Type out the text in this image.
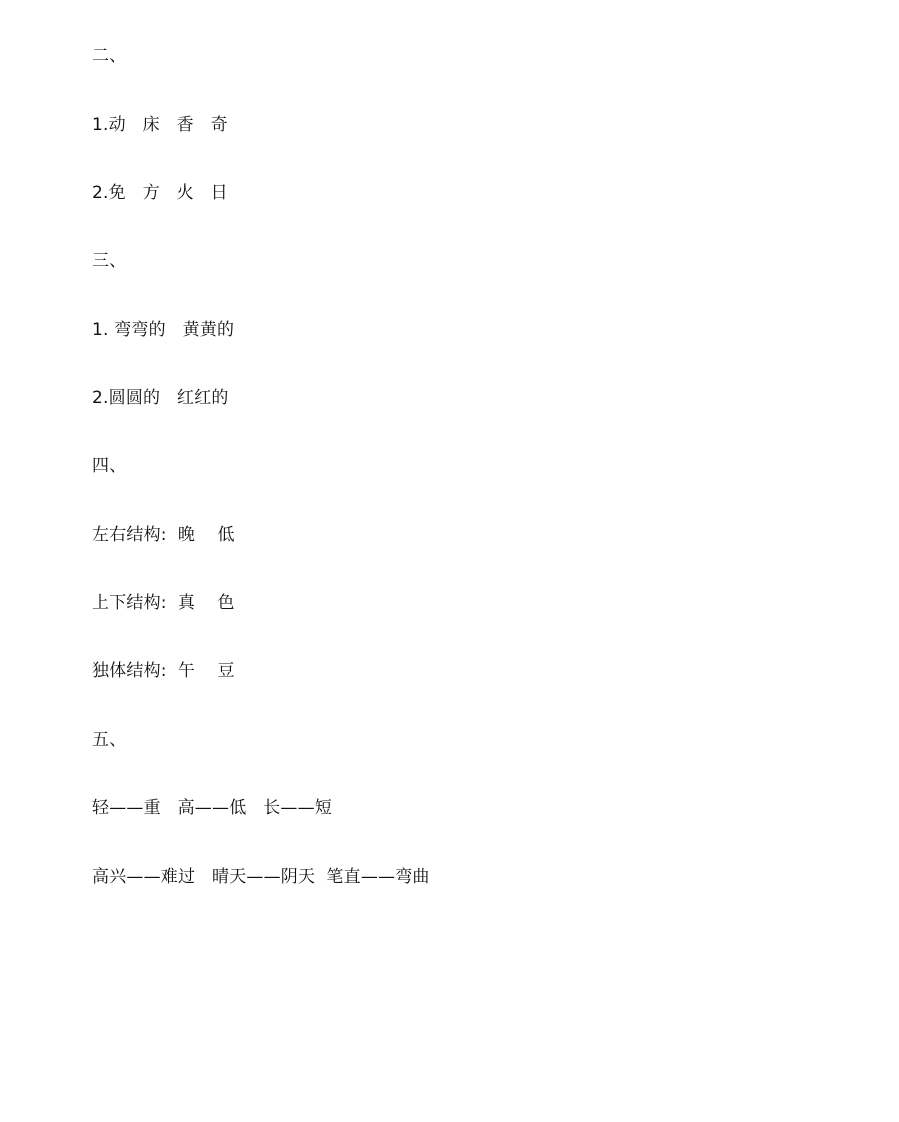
二、
1.动   床   香   奇
2.免   方   火   日
三、
1. 弯弯的   黄黄的
2.圆圆的   红红的
四、
左右结构:  晚    低
上下结构:  真    色
独体结构:  午    豆
五、
轻——重   高——低   长——短
高兴——难过   晴天——阴天  笔直——弯曲
